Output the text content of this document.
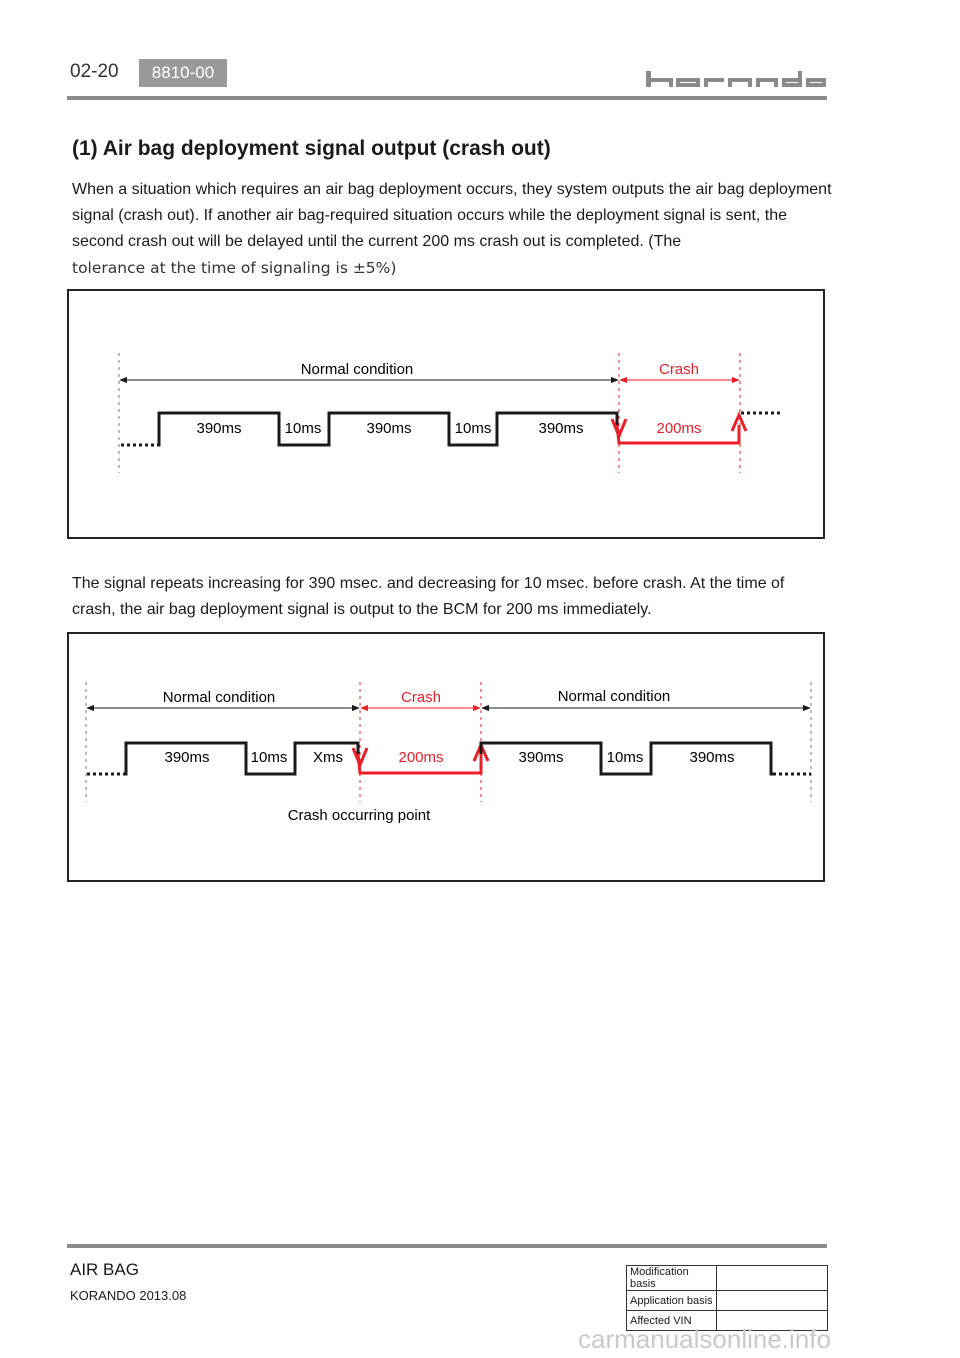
02-20	8810-00
(1) Air bag deployment signal output (crash out)

When a situation which requires an air bag deployment occurs, they system outputs the air bag deployment signal (crash out). If another air bag-required situation occurs while the deployment signal is sent, the second crash out will be delayed until the current 200 ms crash out is completed. (The
tolerance at the time of signaling is ±5%)

Normal condition	Crash
390ms	10ms	390ms	10ms	390ms	200ms

The signal repeats increasing for 390 msec. and decreasing for 10 msec. before crash. At the time of crash, the air bag deployment signal is output to the BCM for 200 ms immediately.

Normal condition	Crash	Normal condition
390ms	10ms Xms	200ms	390ms	10ms	390ms
Crash occurring point
AIR BAG
KORANDO 2013.08
Modification basis	
Application basis	
Affected VIN	
carmanualsonline.info
